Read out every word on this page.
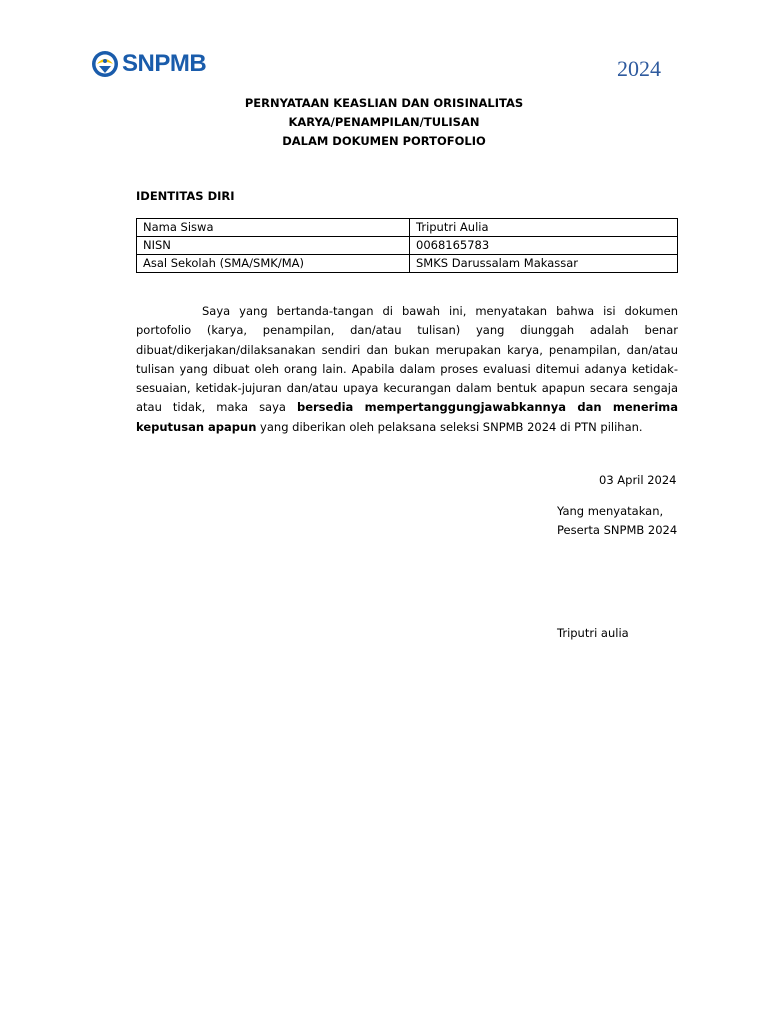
SNPMB	2024
PERNYATAAN KEASLIAN DAN ORISINALITAS
KARYA/PENAMPILAN/TULISAN
DALAM DOKUMEN PORTOFOLIO
IDENTITAS DIRI
Nama Siswa	Triputri Aulia
NISN	0068165783
Asal Sekolah (SMA/SMK/MA)	SMKS Darussalam Makassar
Saya yang bertanda-tangan di bawah ini, menyatakan bahwa isi dokumen portofolio (karya, penampilan, dan/atau tulisan) yang diunggah adalah benar dibuat/dikerjakan/dilaksanakan sendiri dan bukan merupakan karya, penampilan, dan/atau tulisan yang dibuat oleh orang lain. Apabila dalam proses evaluasi ditemui adanya ketidak-sesuaian, ketidak-jujuran dan/atau upaya kecurangan dalam bentuk apapun secara sengaja atau tidak, maka saya bersedia mempertanggungjawabkannya dan menerima keputusan apapun yang diberikan oleh pelaksana seleksi SNPMB 2024 di PTN pilihan.
03 April 2024
Yang menyatakan,
Peserta SNPMB 2024
Triputri aulia
